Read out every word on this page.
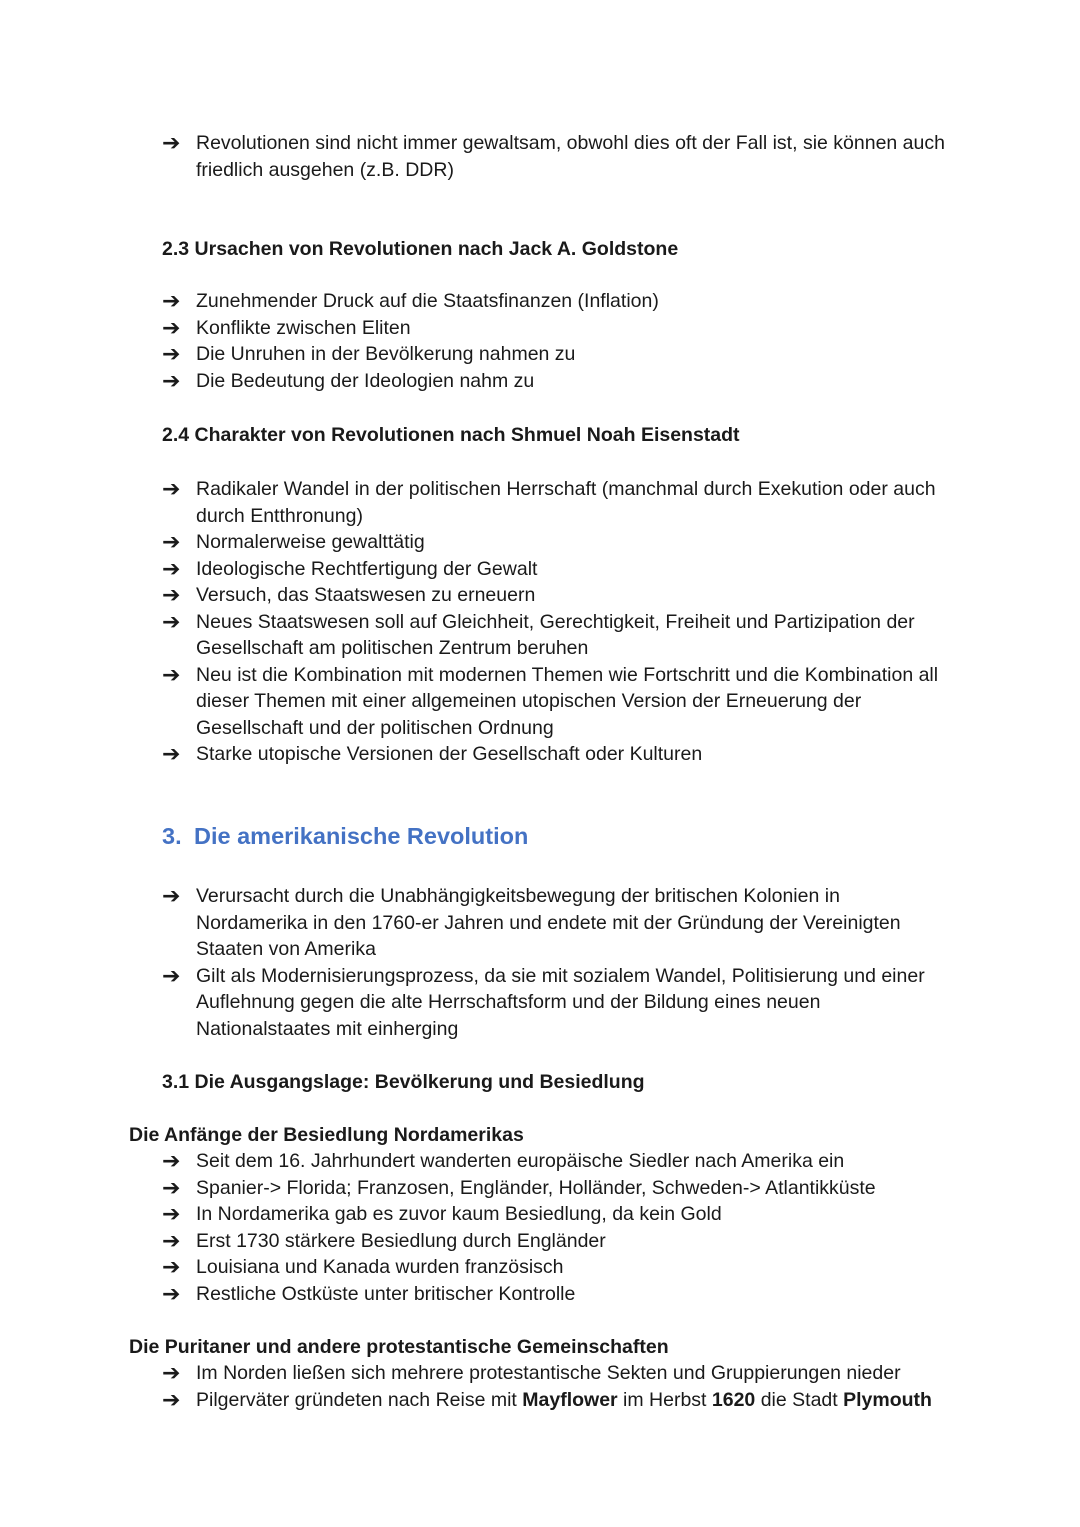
➔ Revolutionen sind nicht immer gewaltsam, obwohl dies oft der Fall ist, sie können auch friedlich ausgehen (z.B. DDR)
2.3 Ursachen von Revolutionen nach Jack A. Goldstone
➔ Zunehmender Druck auf die Staatsfinanzen (Inflation)
➔ Konflikte zwischen Eliten
➔ Die Unruhen in der Bevölkerung nahmen zu
➔ Die Bedeutung der Ideologien nahm zu
2.4 Charakter von Revolutionen nach Shmuel Noah Eisenstadt
➔ Radikaler Wandel in der politischen Herrschaft (manchmal durch Exekution oder auch durch Entthronung)
➔ Normalerweise gewalttätig
➔ Ideologische Rechtfertigung der Gewalt
➔ Versuch, das Staatswesen zu erneuern
➔ Neues Staatswesen soll auf Gleichheit, Gerechtigkeit, Freiheit und Partizipation der Gesellschaft am politischen Zentrum beruhen
➔ Neu ist die Kombination mit modernen Themen wie Fortschritt und die Kombination all dieser Themen mit einer allgemeinen utopischen Version der Erneuerung der Gesellschaft und der politischen Ordnung
➔ Starke utopische Versionen der Gesellschaft oder Kulturen
3. Die amerikanische Revolution
➔ Verursacht durch die Unabhängigkeitsbewegung der britischen Kolonien in Nordamerika in den 1760-er Jahren und endete mit der Gründung der Vereinigten Staaten von Amerika
➔ Gilt als Modernisierungsprozess, da sie mit sozialem Wandel, Politisierung und einer Auflehnung gegen die alte Herrschaftsform und der Bildung eines neuen Nationalstaates mit einherging
3.1 Die Ausgangslage: Bevölkerung und Besiedlung
Die Anfänge der Besiedlung Nordamerikas
➔ Seit dem 16. Jahrhundert wanderten europäische Siedler nach Amerika ein
➔ Spanier-> Florida; Franzosen, Engländer, Holländer, Schweden-> Atlantikküste
➔ In Nordamerika gab es zuvor kaum Besiedlung, da kein Gold
➔ Erst 1730 stärkere Besiedlung durch Engländer
➔ Louisiana und Kanada wurden französisch
➔ Restliche Ostküste unter britischer Kontrolle
Die Puritaner und andere protestantische Gemeinschaften
➔ Im Norden ließen sich mehrere protestantische Sekten und Gruppierungen nieder
➔ Pilgerväter gründeten nach Reise mit Mayflower im Herbst 1620 die Stadt Plymouth
